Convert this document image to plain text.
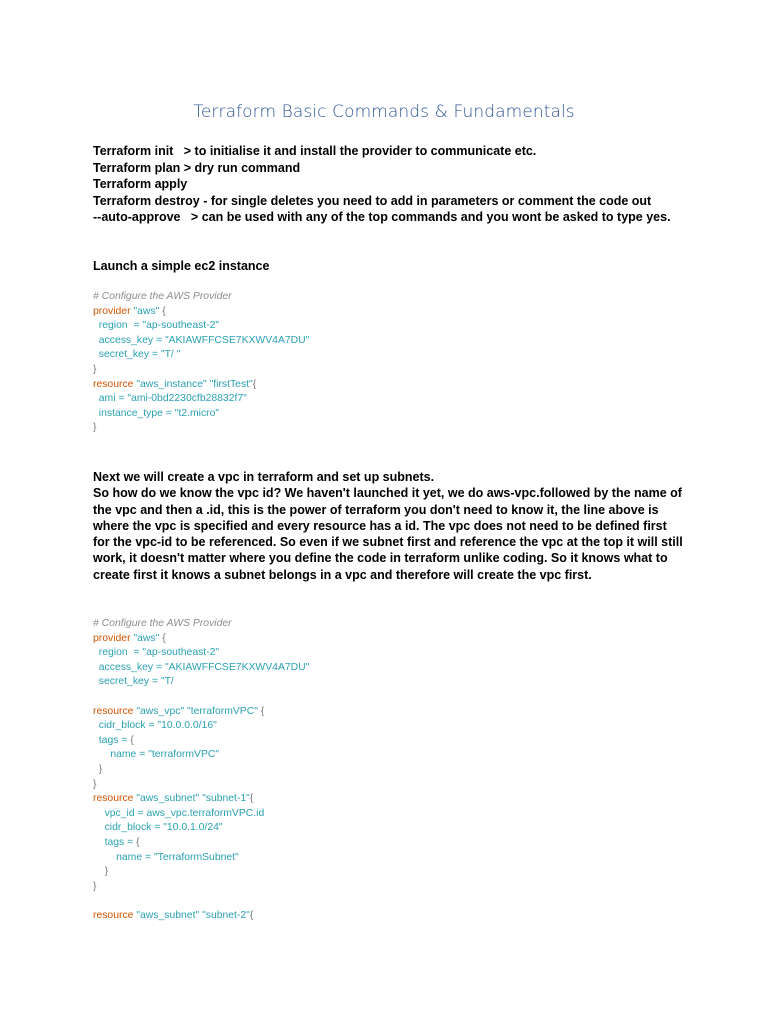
Terraform Basic Commands & Fundamentals
Terraform init   > to initialise it and install the provider to communicate etc.
Terraform plan > dry run command
Terraform apply
Terraform destroy - for single deletes you need to add in parameters or comment the code out
--auto-approve   > can be used with any of the top commands and you wont be asked to type yes.
Launch a simple ec2 instance
# Configure the AWS Provider
provider "aws" {
region = "ap-southeast-2"
access_key = "AKIAWFFCSE7KXWV4A7DU"
secret_key = "T/ "
}
resource "aws_instance" "firstTest"{
ami = "ami-0bd2230cfb28832f7"
instance_type = "t2.micro"
}

Next we will create a vpc in terraform and set up subnets.

So how do we know the vpc id? We haven't launched it yet, we do aws-vpc.followed by the name of the vpc and then a .id, this is the power of terraform you don't need to know it, the line above is where the vpc is specified and every resource has a id. The vpc does not need to be defined first for the vpc-id to be referenced. So even if we subnet first and reference the vpc at the top it will still work, it doesn't matter where you define the code in terraform unlike coding. So it knows what to create first it knows a subnet belongs in a vpc and therefore will create the vpc first.

# Configure the AWS Provider
provider "aws" {
region = "ap-southeast-2"
access_key = "AKIAWFFCSE7KXWV4A7DU"
secret_key = "T/

resource "aws_vpc" "terraformVPC" {
cidr_block = "10.0.0.0/16"
tags = {
name = "terraformVPC"
}
}
resource "aws_subnet" "subnet-1"{
vpc_id = aws_vpc.terraformVPC.id
cidr_block = "10.0.1.0/24"
tags = {
name = "TerraformSubnet"
}
}

resource "aws_subnet" "subnet-2"{
